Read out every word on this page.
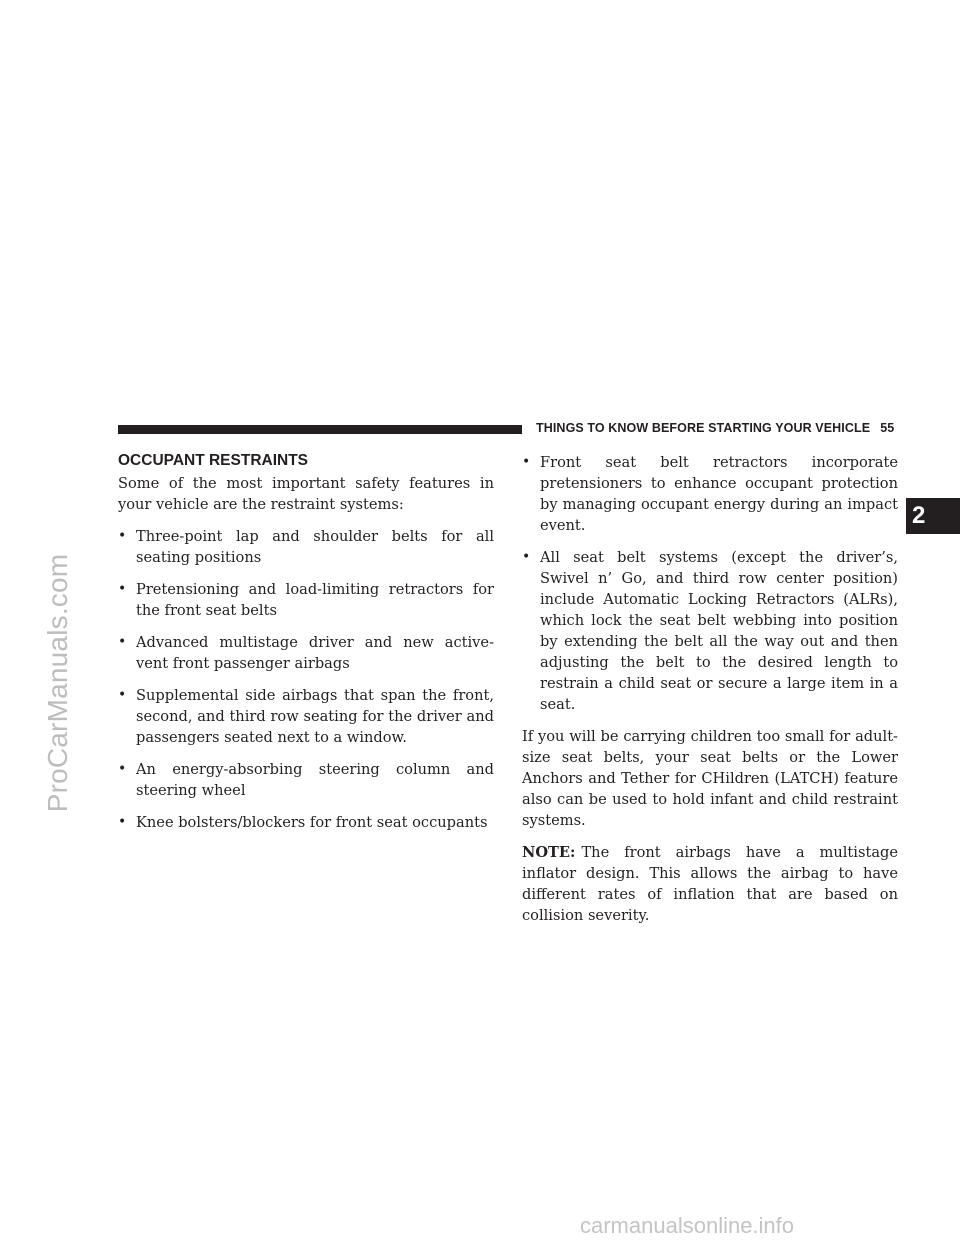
ProCarManuals.com
THINGS TO KNOW BEFORE STARTING YOUR VEHICLE 55
2
OCCUPANT RESTRAINTS

Some of the most important safety features in your vehicle are the restraint systems:

• Three-point lap and shoulder belts for all seating positions
• Pretensioning and load-limiting retractors for the front seat belts
• Advanced multistage driver and new active-vent front passenger airbags
• Supplemental side airbags that span the front, second, and third row seating for the driver and passengers seated next to a window.
• An energy-absorbing steering column and steering wheel
• Knee bolsters/blockers for front seat occupants
• Front seat belt retractors incorporate pretensioners to enhance occupant protection by managing occupant energy during an impact event.
• All seat belt systems (except the driver’s, Swivel n’ Go, and third row center position) include Automatic Locking Retractors (ALRs), which lock the seat belt webbing into position by extending the belt all the way out and then adjusting the belt to the desired length to restrain a child seat or secure a large item in a seat.

If you will be carrying children too small for adult-size seat belts, your seat belts or the Lower Anchors and Tether for CHildren (LATCH) feature also can be used to hold infant and child restraint systems.

NOTE: The front airbags have a multistage inflator design. This allows the airbag to have different rates of inflation that are based on collision severity.

carmanualsonline.info
